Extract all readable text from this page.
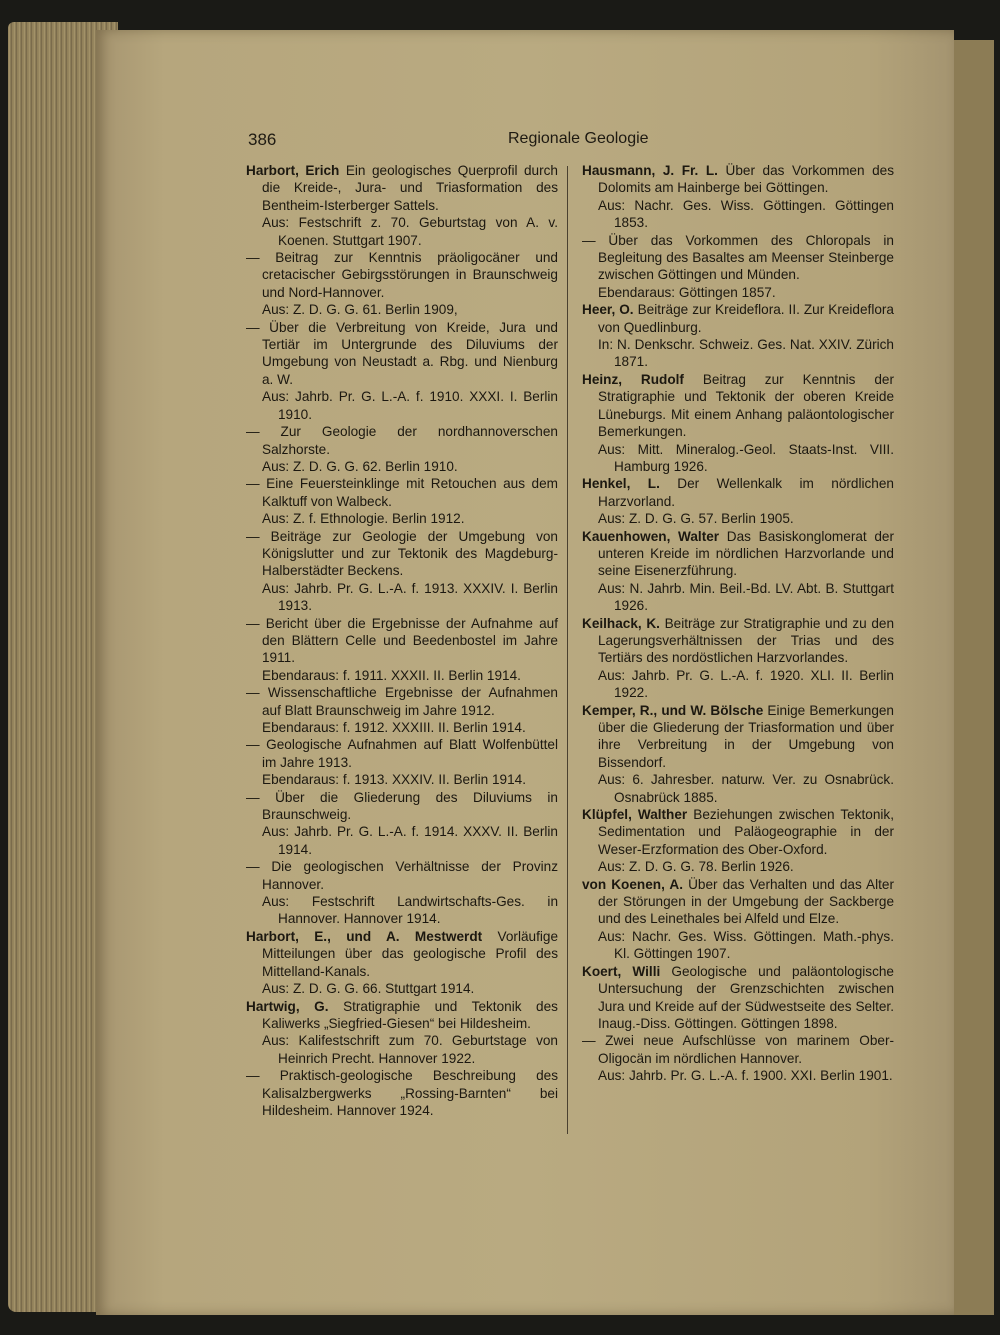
386	Regionale Geologie
Harbort, Erich Ein geologisches Querprofil durch die Kreide-, Jura- und Triasformation des Bentheim-Isterberger Sattels.
Aus: Festschrift z. 70. Geburtstag von A. v. Koenen. Stuttgart 1907.
— Beitrag zur Kenntnis präoligocäner und cretacischer Gebirgsstörungen in Braunschweig und Nord-Hannover.
Aus: Z. D. G. G. 61. Berlin 1909,
— Über die Verbreitung von Kreide, Jura und Tertiär im Untergrunde des Diluviums der Umgebung von Neustadt a. Rbg. und Nienburg a. W.
Aus: Jahrb. Pr. G. L.-A. f. 1910. XXXI. I. Berlin 1910.
— Zur Geologie der nordhannoverschen Salzhorste.
Aus: Z. D. G. G. 62. Berlin 1910.
— Eine Feuersteinklinge mit Retouchen aus dem Kalktuff von Walbeck.
Aus: Z. f. Ethnologie. Berlin 1912.
— Beiträge zur Geologie der Umgebung von Königslutter und zur Tektonik des Magdeburg-Halberstädter Beckens.
Aus: Jahrb. Pr. G. L.-A. f. 1913. XXXIV. I. Berlin 1913.
— Bericht über die Ergebnisse der Aufnahme auf den Blättern Celle und Beedenbostel im Jahre 1911.
Ebendaraus: f. 1911. XXXII. II. Berlin 1914.
— Wissenschaftliche Ergebnisse der Aufnahmen auf Blatt Braunschweig im Jahre 1912.
Ebendaraus: f. 1912. XXXIII. II. Berlin 1914.
— Geologische Aufnahmen auf Blatt Wolfenbüttel im Jahre 1913.
Ebendaraus: f. 1913. XXXIV. II. Berlin 1914.
— Über die Gliederung des Diluviums in Braunschweig.
Aus: Jahrb. Pr. G. L.-A. f. 1914. XXXV. II. Berlin 1914.
— Die geologischen Verhältnisse der Provinz Hannover.
Aus: Festschrift Landwirtschafts-Ges. in Hannover. Hannover 1914.
Harbort, E., und A. Mestwerdt Vorläufige Mitteilungen über das geologische Profil des Mittelland-Kanals.
Aus: Z. D. G. G. 66. Stuttgart 1914.
Hartwig, G. Stratigraphie und Tektonik des Kaliwerks „Siegfried-Giesen“ bei Hildesheim.
Aus: Kalifestschrift zum 70. Geburtstage von Heinrich Precht. Hannover 1922.
— Praktisch-geologische Beschreibung des Kalisalzbergwerks „Rossing-Barnten“ bei Hildesheim. Hannover 1924.
Hausmann, J. Fr. L. Über das Vorkommen des Dolomits am Hainberge bei Göttingen.
Aus: Nachr. Ges. Wiss. Göttingen. Göttingen 1853.
— Über das Vorkommen des Chloropals in Begleitung des Basaltes am Meenser Steinberge zwischen Göttingen und Münden.
Ebendaraus: Göttingen 1857.
Heer, O. Beiträge zur Kreideflora. II. Zur Kreideflora von Quedlinburg.
In: N. Denkschr. Schweiz. Ges. Nat. XXIV. Zürich 1871.
Heinz, Rudolf Beitrag zur Kenntnis der Stratigraphie und Tektonik der oberen Kreide Lüneburgs. Mit einem Anhang paläontologischer Bemerkungen.
Aus: Mitt. Mineralog.-Geol. Staats-Inst. VIII. Hamburg 1926.
Henkel, L. Der Wellenkalk im nördlichen Harzvorland.
Aus: Z. D. G. G. 57. Berlin 1905.
Kauenhowen, Walter Das Basiskonglomerat der unteren Kreide im nördlichen Harzvorlande und seine Eisenerzführung.
Aus: N. Jahrb. Min. Beil.-Bd. LV. Abt. B. Stuttgart 1926.
Keilhack, K. Beiträge zur Stratigraphie und zu den Lagerungsverhältnissen der Trias und des Tertiärs des nordöstlichen Harzvorlandes.
Aus: Jahrb. Pr. G. L.-A. f. 1920. XLI. II. Berlin 1922.
Kemper, R., und W. Bölsche Einige Bemerkungen über die Gliederung der Triasformation und über ihre Verbreitung in der Umgebung von Bissendorf.
Aus: 6. Jahresber. naturw. Ver. zu Osnabrück. Osnabrück 1885.
Klüpfel, Walther Beziehungen zwischen Tektonik, Sedimentation und Paläogeographie in der Weser-Erzformation des Ober-Oxford.
Aus: Z. D. G. G. 78. Berlin 1926.
von Koenen, A. Über das Verhalten und das Alter der Störungen in der Umgebung der Sackberge und des Leinethales bei Alfeld und Elze.
Aus: Nachr. Ges. Wiss. Göttingen. Math.-phys. Kl. Göttingen 1907.
Koert, Willi Geologische und paläontologische Untersuchung der Grenzschichten zwischen Jura und Kreide auf der Südwestseite des Selter. Inaug.-Diss. Göttingen. Göttingen 1898.
— Zwei neue Aufschlüsse von marinem Ober-Oligocän im nördlichen Hannover.
Aus: Jahrb. Pr. G. L.-A. f. 1900. XXI. Berlin 1901.
